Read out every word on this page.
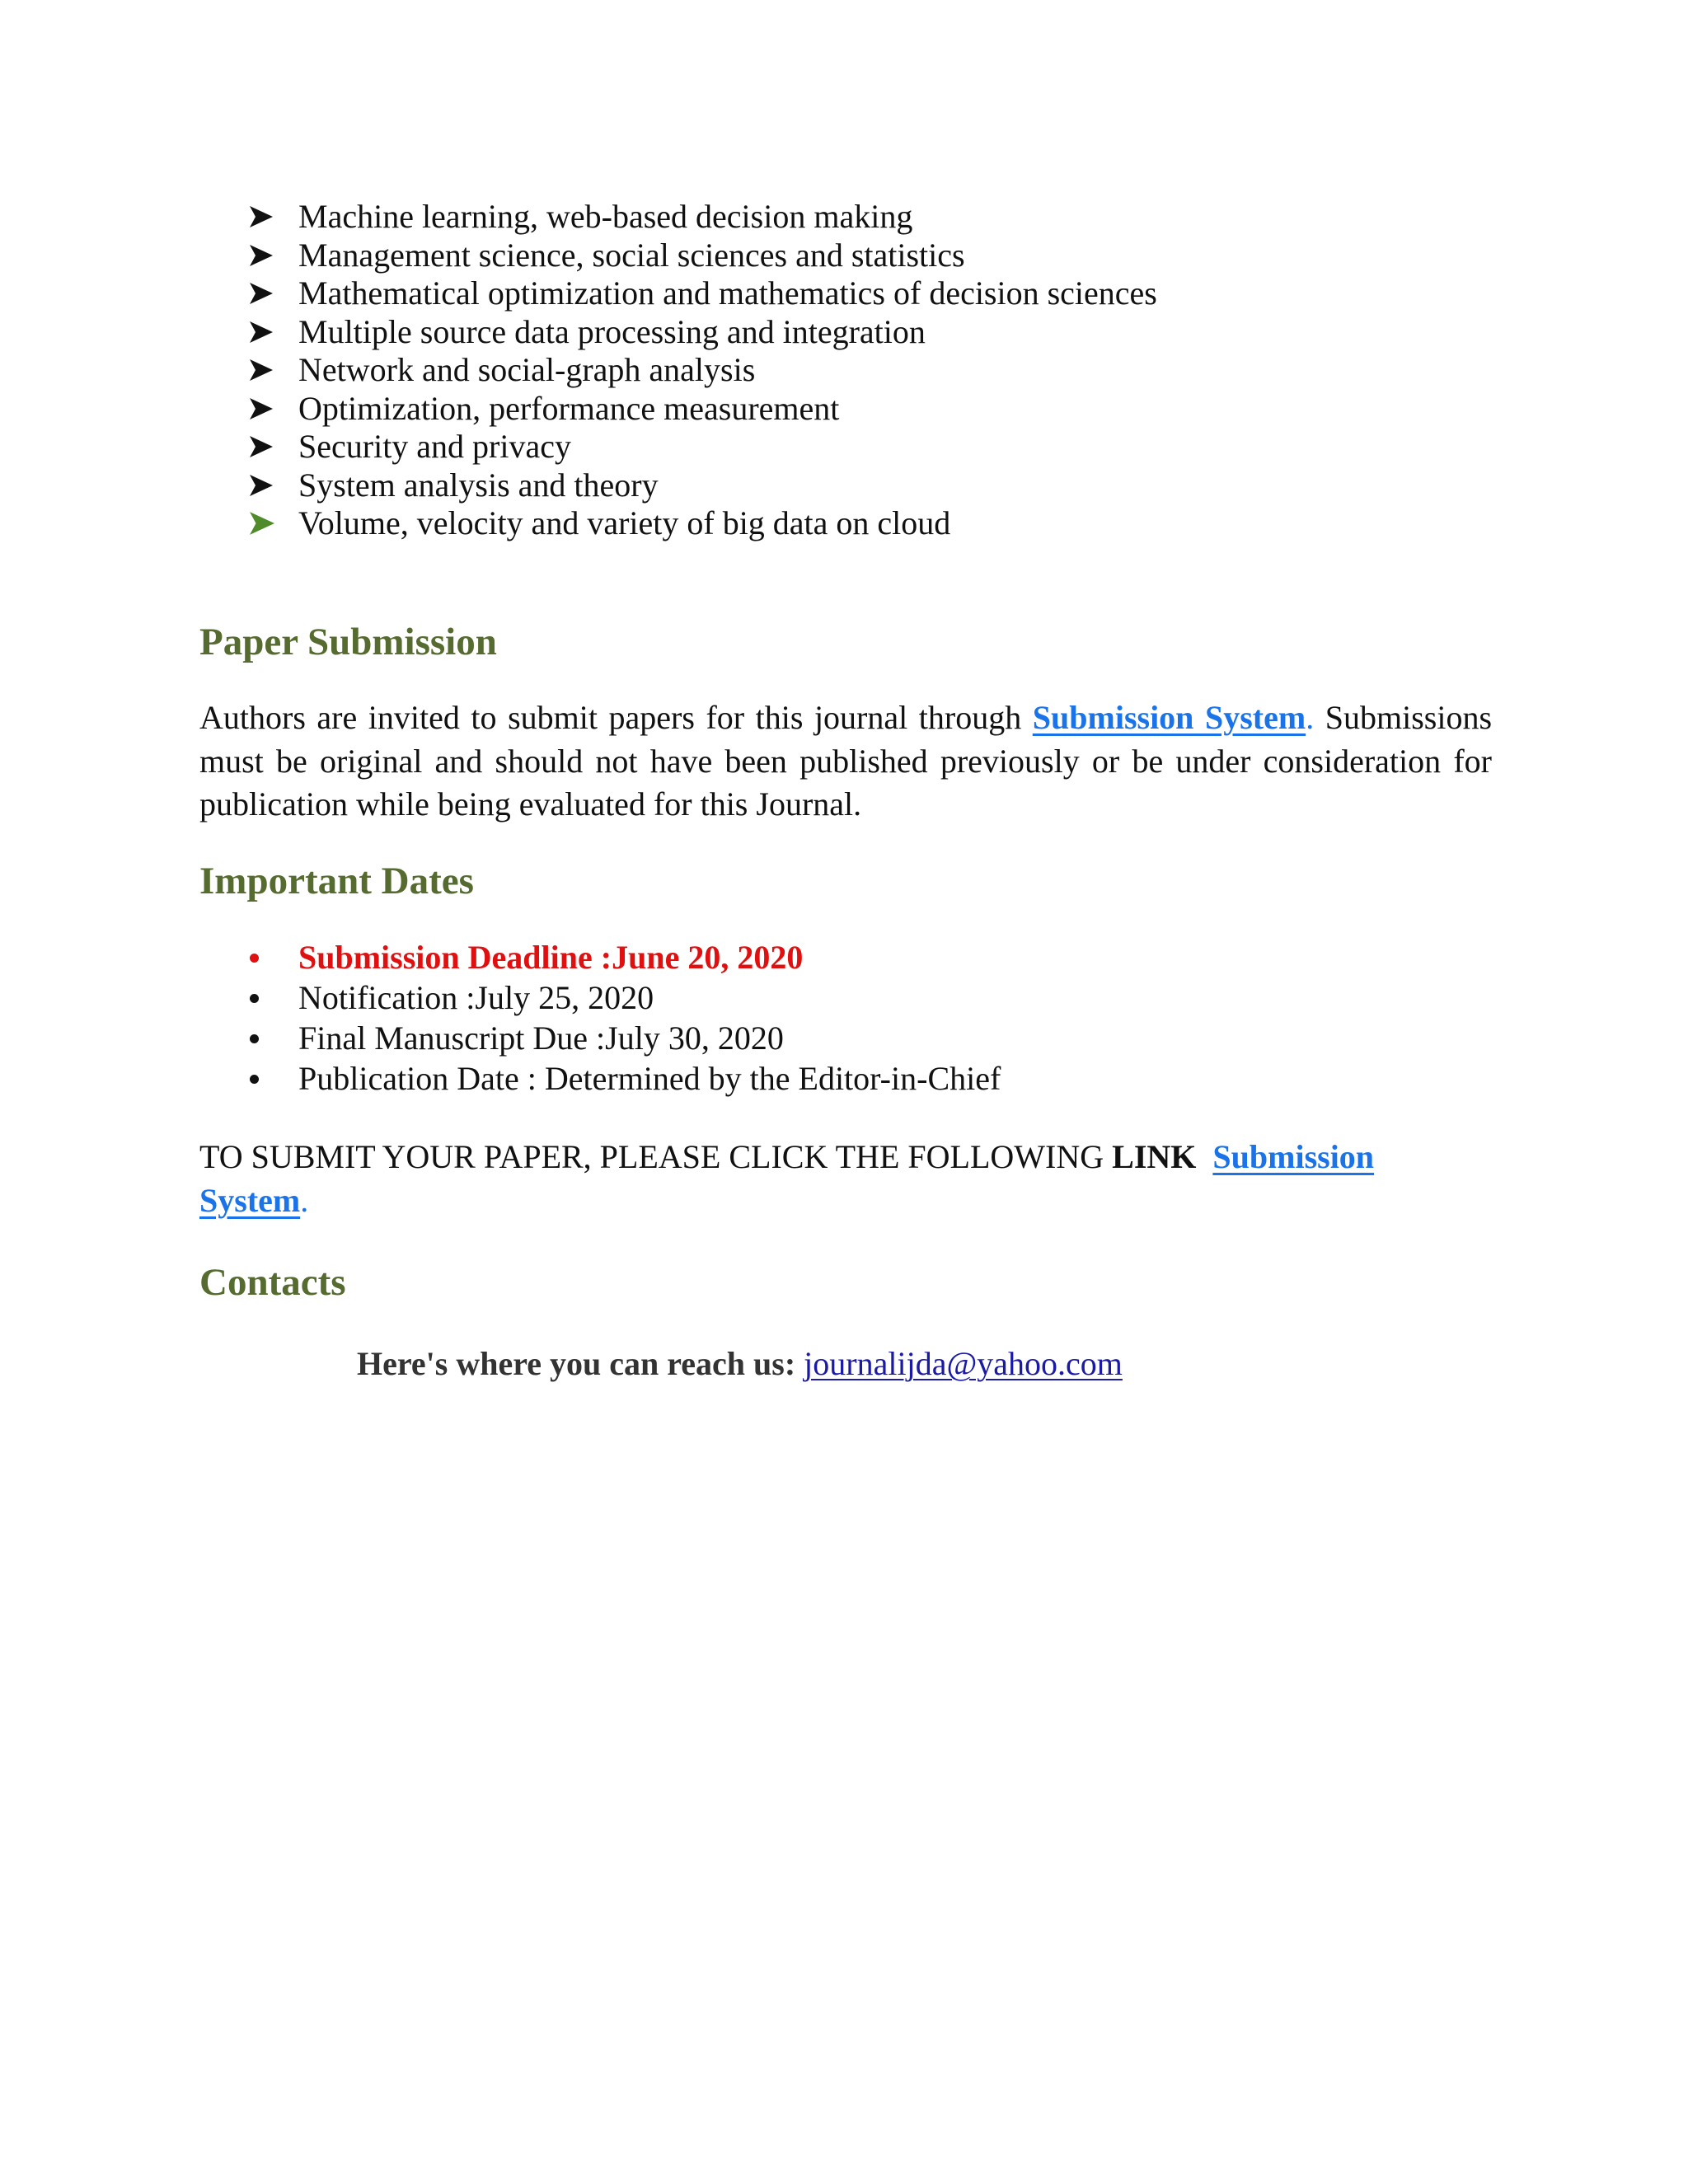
Machine learning, web-based decision making
Management science, social sciences and statistics
Mathematical optimization and mathematics of decision sciences
Multiple source data processing and integration
Network and social-graph analysis
Optimization, performance measurement
Security and privacy
System analysis and theory
Volume, velocity and variety of big data on cloud
Paper Submission

Authors are invited to submit papers for this journal through Submission System. Submissions must be original and should not have been published previously or be under consideration for publication while being evaluated for this Journal.

Important Dates
Submission Deadline :June 20, 2020
Notification :July 25, 2020
Final Manuscript Due :July 30, 2020
Publication Date : Determined by the Editor-in-Chief

TO SUBMIT YOUR PAPER, PLEASE CLICK THE FOLLOWING LINK Submission System.

Contacts

Here's where you can reach us: journalijda@yahoo.com
